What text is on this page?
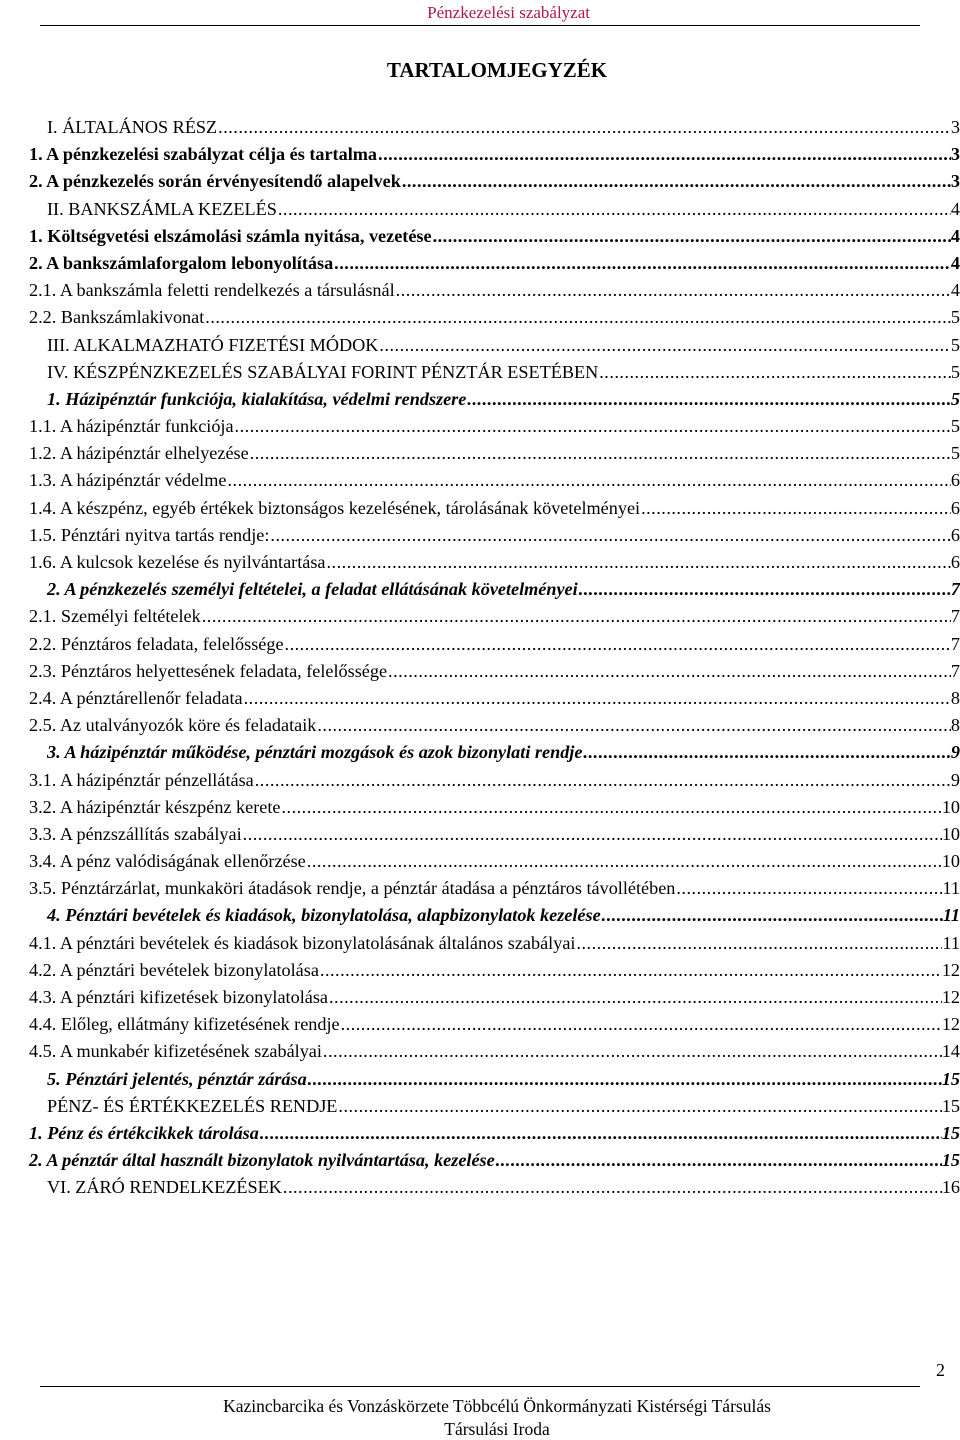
Pénzkezelési szabályzat
TARTALOMJEGYZÉK
I. ÁLTALÁNOS RÉSZ .....	3
1. A pénzkezelési szabályzat célja és tartalma .....	3
2. A pénzkezelés során érvényesítendő alapelvek .....	3
II. BANKSZÁMLA KEZELÉS .....	4
1. Költségvetési elszámolási számla nyitása, vezetése .....	4
2. A bankszámlaforgalom lebonyolítása .....	4
2.1. A bankszámla feletti rendelkezés a társulásnál .....	4
2.2. Bankszámlakivonat .....	5
III. ALKALMAZHATÓ FIZETÉSI MÓDOK .....	5
IV. KÉSZPÉNZKEZELÉS SZABÁLYAI FORINT PÉNZTÁR ESETÉBEN .....	5
1. Házipénztár funkciója, kialakítása, védelmi rendszere .....	5
1.1. A házipénztár funkciója .....	5
1.2. A házipénztár elhelyezése .....	5
1.3. A házipénztár védelme .....	6
1.4. A készpénz, egyéb értékek biztonságos kezelésének, tárolásának követelményei .....	6
1.5. Pénztári nyitva tartás rendje: .....	6
1.6. A kulcsok kezelése és nyilvántartása .....	6
2. A pénzkezelés személyi feltételei, a feladat ellátásának követelményei .....	7
2.1. Személyi feltételek .....	7
2.2. Pénztáros feladata, felelőssége .....	7
2.3. Pénztáros helyettesének feladata, felelőssége .....	7
2.4. A pénztárellenőr feladata .....	8
2.5. Az utalványozók köre és feladataik .....	8
3. A házipénztár működése, pénztári mozgások és azok bizonylati rendje .....	9
3.1. A házipénztár pénzellátása .....	9
3.2. A házipénztár készpénz kerete .....	10
3.3. A pénzszállítás szabályai .....	10
3.4. A pénz valódiságának ellenőrzése .....	10
3.5. Pénztárzárlat, munkaköri átadások rendje, a pénztár átadása a pénztáros távollétében .....	11
4. Pénztári bevételek és kiadások, bizonylatolása, alapbizonylatok kezelése .....	11
4.1. A pénztári bevételek és kiadások bizonylatolásának általános szabályai .....	11
4.2. A pénztári bevételek bizonylatolása .....	12
4.3. A pénztári kifizetések bizonylatolása .....	12
4.4. Előleg, ellátmány kifizetésének rendje .....	12
4.5. A munkabér kifizetésének szabályai .....	14
5. Pénztári jelentés, pénztár zárása .....	15
PÉNZ- ÉS ÉRTÉKKEZELÉS RENDJE .....	15
1. Pénz és értékcikkek tárolása .....	15
2. A pénztár által használt bizonylatok nyilvántartása, kezelése .....	15
VI. ZÁRÓ RENDELKEZÉSEK .....	16
2
Kazincbarcika és Vonzáskörzete Többcélú Önkormányzati Kistérségi Társulás
Társulási Iroda
